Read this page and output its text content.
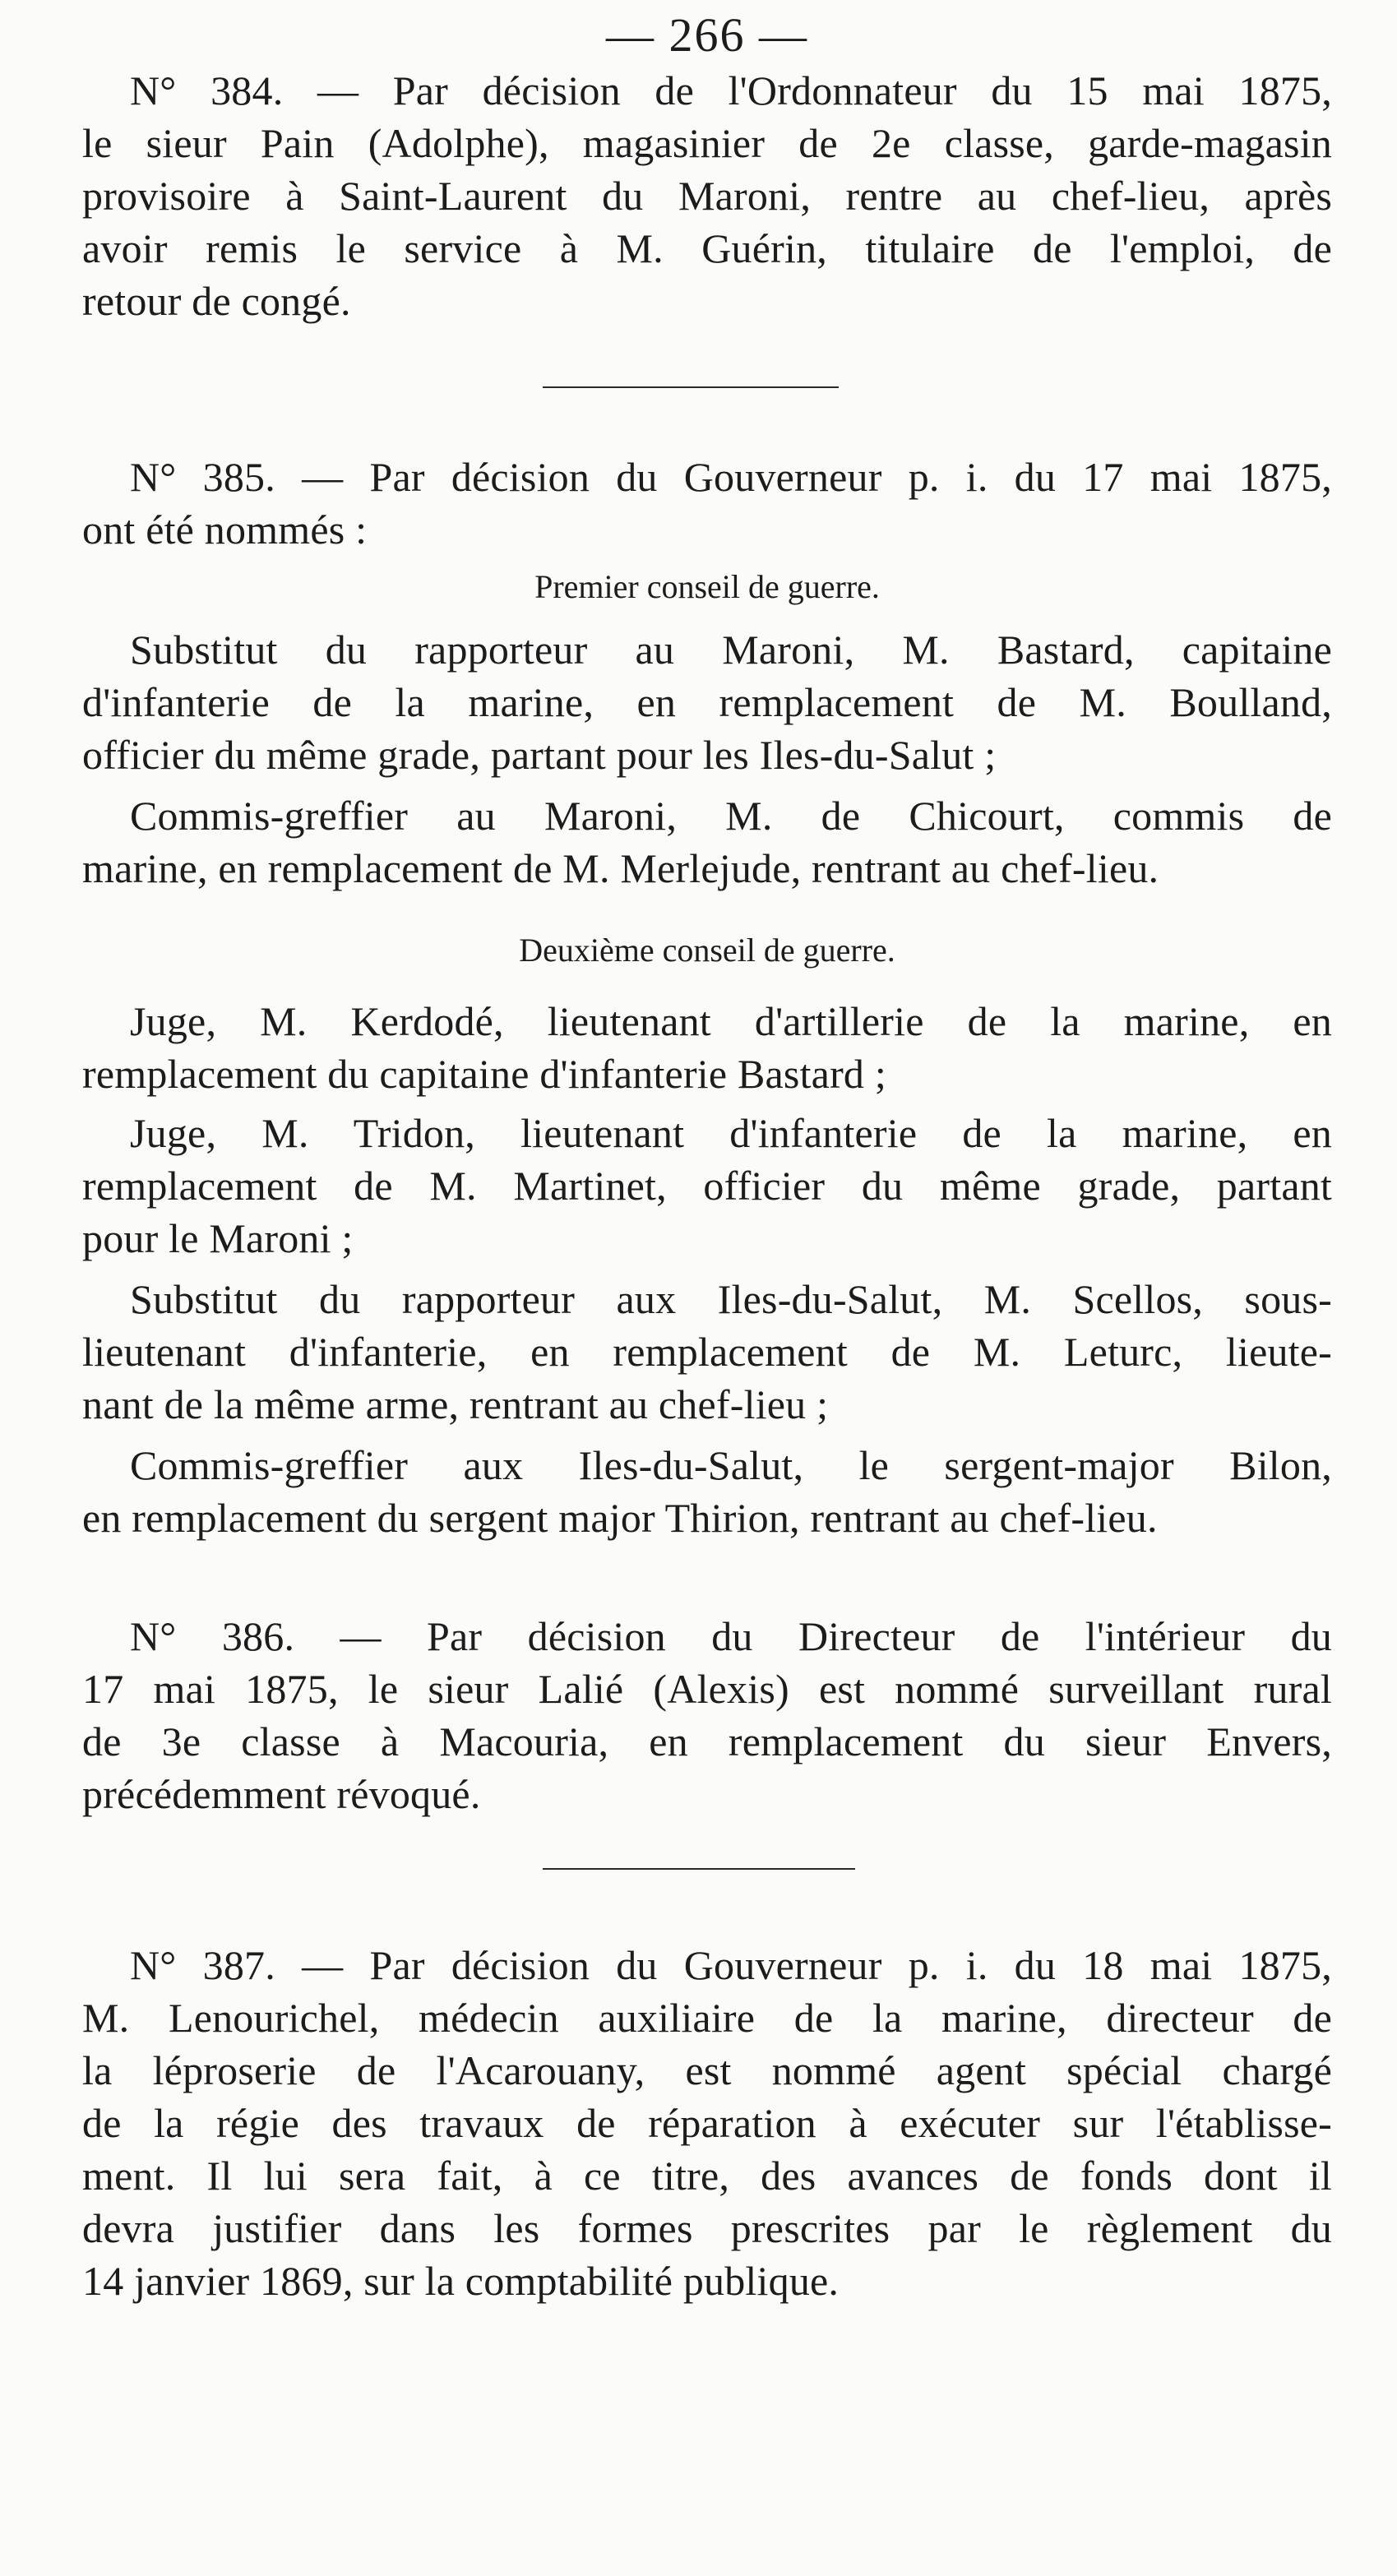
— 266 —
N° 384. — Par décision de l'Ordonnateur du 15 mai 1875,
le sieur Pain (Adolphe), magasinier de 2e classe, garde-magasin
provisoire à Saint-Laurent du Maroni, rentre au chef-lieu, après
avoir remis le service à M. Guérin, titulaire de l'emploi, de
retour de congé.
N° 385. — Par décision du Gouverneur p. i. du 17 mai 1875,
ont été nommés :
Premier conseil de guerre.
Substitut du rapporteur au Maroni, M. Bastard, capitaine
d'infanterie de la marine, en remplacement de M. Boulland,
officier du même grade, partant pour les Iles-du-Salut ;
Commis-greffier au Maroni, M. de Chicourt, commis de
marine, en remplacement de M. Merlejude, rentrant au chef-lieu.
Deuxième conseil de guerre.
Juge, M. Kerdodé, lieutenant d'artillerie de la marine, en
remplacement du capitaine d'infanterie Bastard ;
Juge, M. Tridon, lieutenant d'infanterie de la marine, en
remplacement de M. Martinet, officier du même grade, partant
pour le Maroni ;
Substitut du rapporteur aux Iles-du-Salut, M. Scellos, sous-
lieutenant d'infanterie, en remplacement de M. Leturc, lieute-
nant de la même arme, rentrant au chef-lieu ;
Commis-greffier aux Iles-du-Salut, le sergent-major Bilon,
en remplacement du sergent major Thirion, rentrant au chef-lieu.
N° 386. — Par décision du Directeur de l'intérieur du
17 mai 1875, le sieur Lalié (Alexis) est nommé surveillant rural
de 3e classe à Macouria, en remplacement du sieur Envers,
précédemment révoqué.
N° 387. — Par décision du Gouverneur p. i. du 18 mai 1875,
M. Lenourichel, médecin auxiliaire de la marine, directeur de
la léproserie de l'Acarouany, est nommé agent spécial chargé
de la régie des travaux de réparation à exécuter sur l'établisse-
ment. Il lui sera fait, à ce titre, des avances de fonds dont il
devra justifier dans les formes prescrites par le règlement du
14 janvier 1869, sur la comptabilité publique.
